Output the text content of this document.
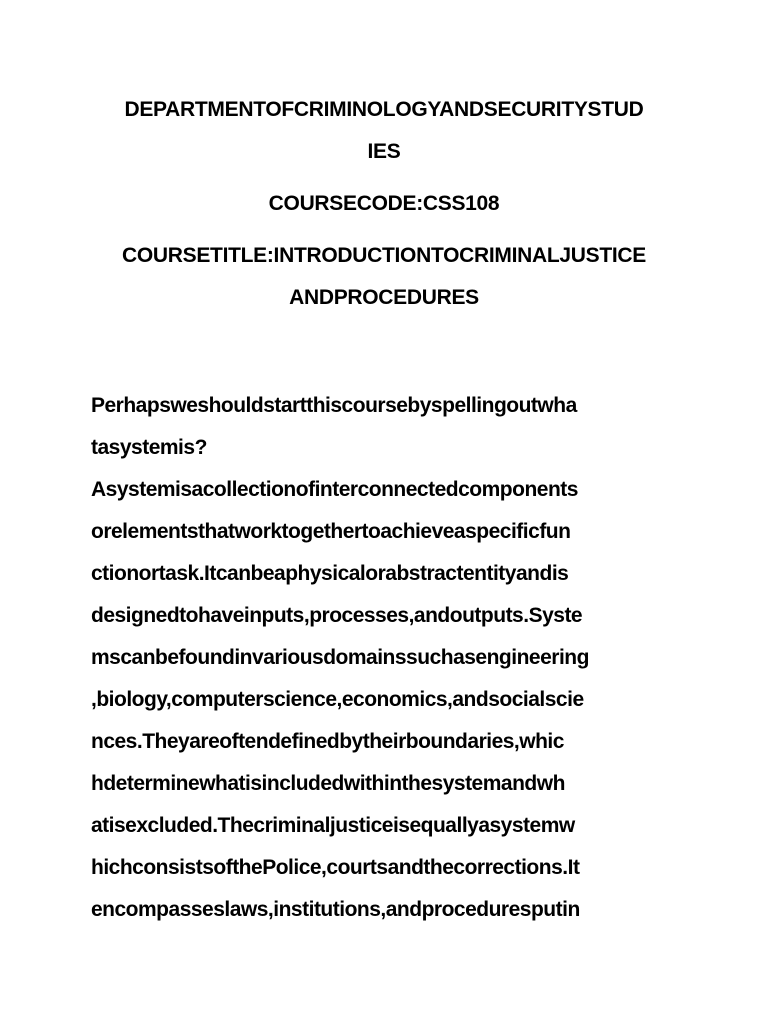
DEPARTMENTOFCRIMINOLOGYANDSECURITYSTUD
IES
COURSECODE:CSS108
COURSETITLE:INTRODUCTIONTOCRIMINALJUSTICE
ANDPROCEDURES
Perhapsweshouldstartthiscoursebyspellingoutwha
tasystemis?
Asystemisacollectionofinterconnectedcomponents
orelementsthatworktogethertoachieveaspecificfun
ctionortask.Itcanbeaphysicalorabstractentityandis
designedtohaveinputs,processes,andoutputs.Syste
mscanbefoundinvariousdomainssuchasengineering
,biology,computerscience,economics,andsocialscie
nces.Theyareoftendefinedbytheirboundaries,whic
hdeterminewhatisincludedwithinthesystemandwh
atisexcluded.Thecriminaljusticeisequallyasystemw
hichconsistsofthePolice,courtsandthecorrections.It
encompasseslaws,institutions,andproceduresputin
